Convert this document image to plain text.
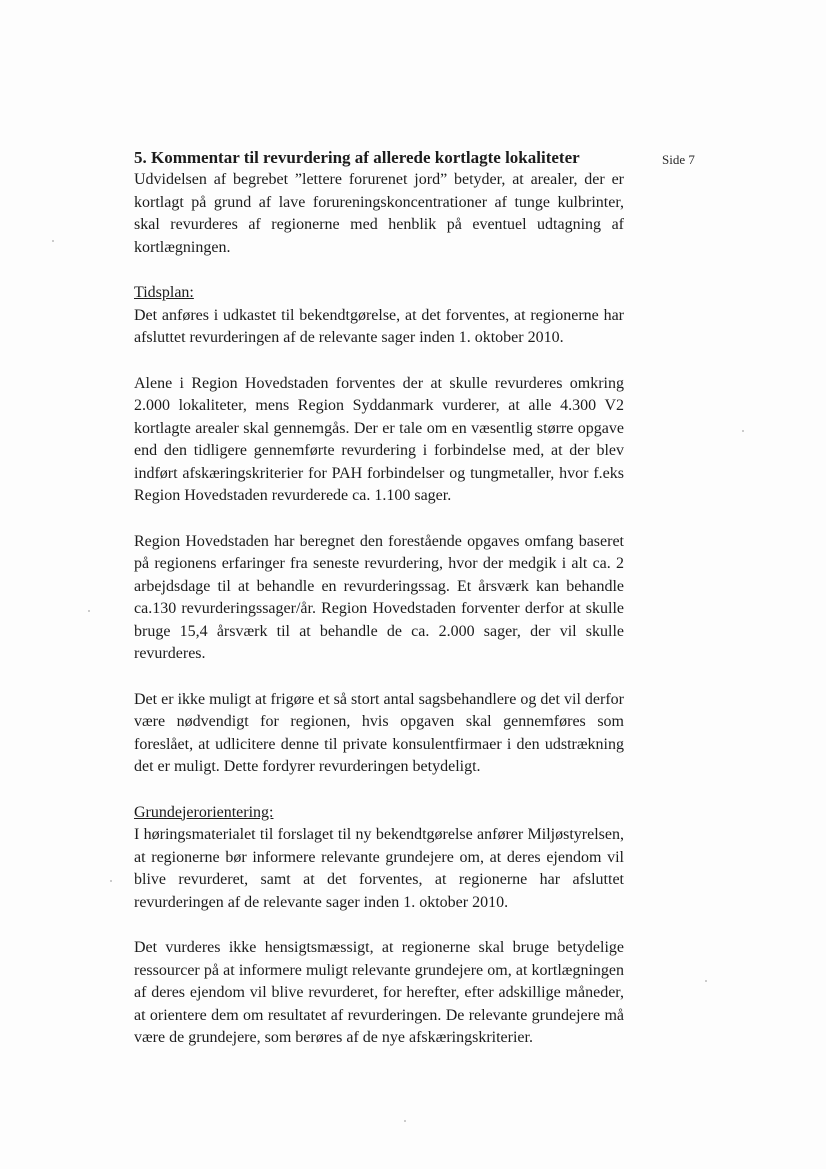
Side 7

5. Kommentar til revurdering af allerede kortlagte lokaliteter

Udvidelsen af begrebet ”lettere forurenet jord” betyder, at arealer, der er kortlagt på grund af lave forureningskoncentrationer af tunge kulbrinter, skal revurderes af regionerne med henblik på eventuel udtagning af kortlægningen.

Tidsplan:

Det anføres i udkastet til bekendtgørelse, at det forventes, at regionerne har afsluttet revurderingen af de relevante sager inden 1. oktober 2010.

Alene i Region Hovedstaden forventes der at skulle revurderes omkring 2.000 lokaliteter, mens Region Syddanmark vurderer, at alle 4.300 V2 kortlagte arealer skal gennemgås. Der er tale om en væsentlig større opgave end den tidligere gennemførte revurdering i forbindelse med, at der blev indført afskæringskriterier for PAH forbindelser og tungmetaller, hvor f.eks Region Hovedstaden revurderede ca. 1.100 sager.

Region Hovedstaden har beregnet den forestående opgaves omfang baseret på regionens erfaringer fra seneste revurdering, hvor der medgik i alt ca. 2 arbejdsdage til at behandle en revurderingssag. Et årsværk kan behandle ca.130 revurderingssager/år. Region Hovedstaden forventer derfor at skulle bruge 15,4 årsværk til at behandle de ca. 2.000 sager, der vil skulle revurderes.

Det er ikke muligt at frigøre et så stort antal sagsbehandlere og det vil derfor være nødvendigt for regionen, hvis opgaven skal gennemføres som foreslået, at udlicitere denne til private konsulentfirmaer i den udstrækning det er muligt. Dette fordyrer revurderingen betydeligt.

Grundejerorientering:

I høringsmaterialet til forslaget til ny bekendtgørelse anfører Miljøstyrelsen, at regionerne bør informere relevante grundejere om, at deres ejendom vil blive revurderet, samt at det forventes, at regionerne har afsluttet revurderingen af de relevante sager inden 1. oktober 2010.

Det vurderes ikke hensigtsmæssigt, at regionerne skal bruge betydelige ressourcer på at informere muligt relevante grundejere om, at kortlægningen af deres ejendom vil blive revurderet, for herefter, efter adskillige måneder, at orientere dem om resultatet af revurderingen. De relevante grundejere må være de grundejere, som berøres af de nye afskæringskriterier.
